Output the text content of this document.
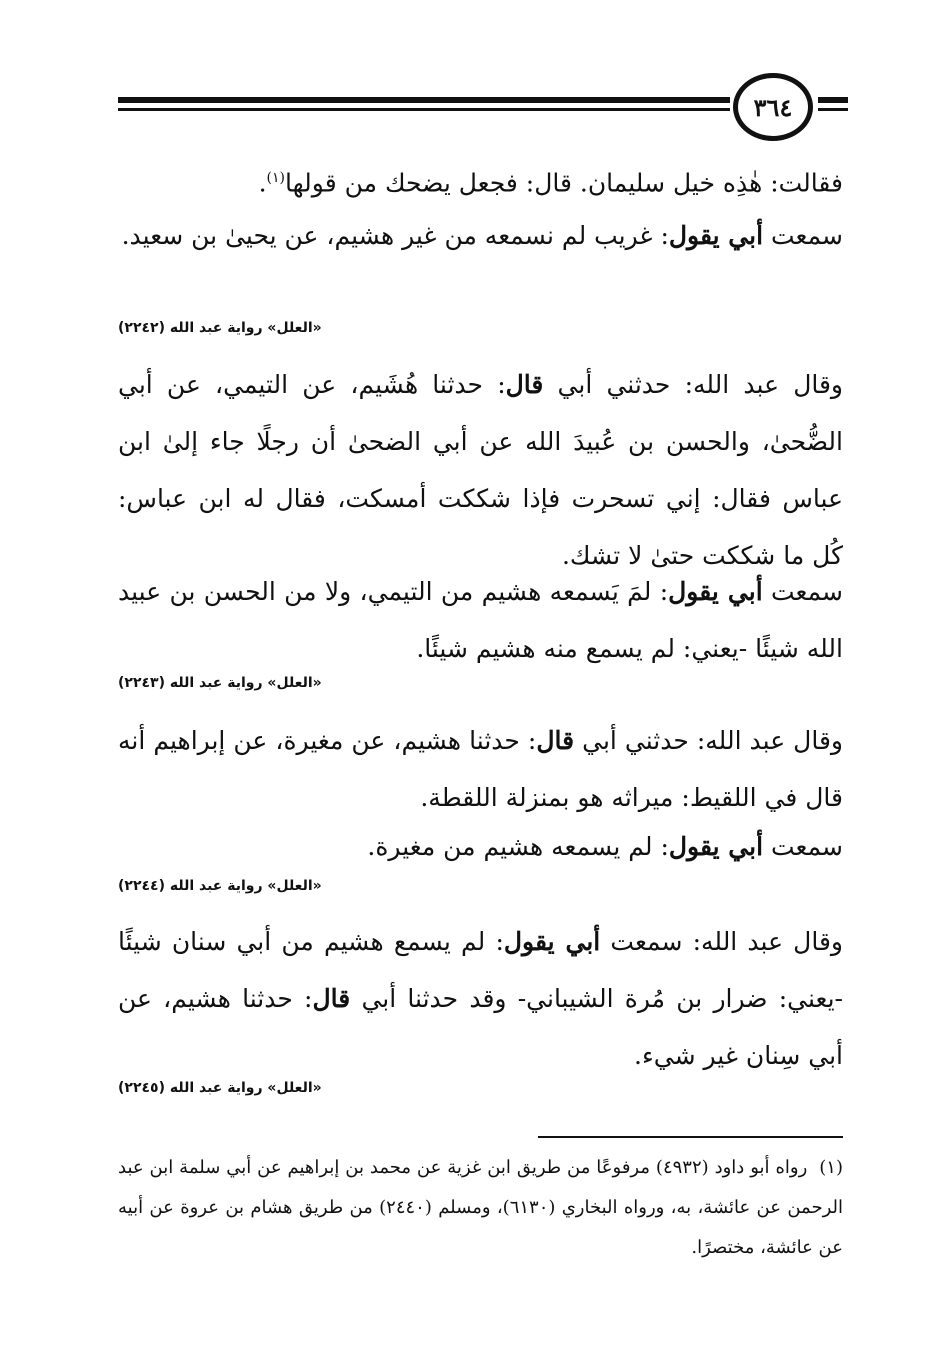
٣٦٤

فقالت: هٰذِه خيل سليمان. قال: فجعل يضحك من قولها$^{(١)}$.

سمعت أبي يقول: غريب لم نسمعه من غير هشيم، عن يحيىٰ بن سعيد.

«العلل» رواية عبد الله (٢٢٤٢)

وقال عبد الله: حدثني أبي قال: حدثنا هُشَيم، عن التيمي، عن أبي الضُّحىٰ، والحسن بن عُبيدَ الله عن أبي الضحىٰ أن رجلًا جاء إلىٰ ابن عباس فقال: إني تسحرت فإذا شككت أمسكت، فقال له ابن عباس: كُل ما شككت حتىٰ لا تشك.

سمعت أبي يقول: لمَ يَسمعه هشيم من التيمي، ولا من الحسن بن عبيد الله شيئًا -يعني: لم يسمع منه هشيم شيئًا.

«العلل» رواية عبد الله (٢٢٤٣)

وقال عبد الله: حدثني أبي قال: حدثنا هشيم، عن مغيرة، عن إبراهيم أنه قال في اللقيط: ميراثه هو بمنزلة اللقطة.

سمعت أبي يقول: لم يسمعه هشيم من مغيرة.

«العلل» رواية عبد الله (٢٢٤٤)

وقال عبد الله: سمعت أبي يقول: لم يسمع هشيم من أبي سنان شيئًا -يعني: ضرار بن مُرة الشيباني- وقد حدثنا أبي قال: حدثنا هشيم، عن أبي سِنان غير شيء.

«العلل» رواية عبد الله (٢٢٤٥)
(١)رواه أبو داود (٤٩٣٢) مرفوعًا من طريق ابن غزية عن محمد بن إبراهيم عن أبي سلمة ابن عبد الرحمن عن عائشة، به، ورواه البخاري (٦١٣٠)، ومسلم (٢٤٤٠) من طريق هشام بن عروة عن أبيه عن عائشة، مختصرًا.
